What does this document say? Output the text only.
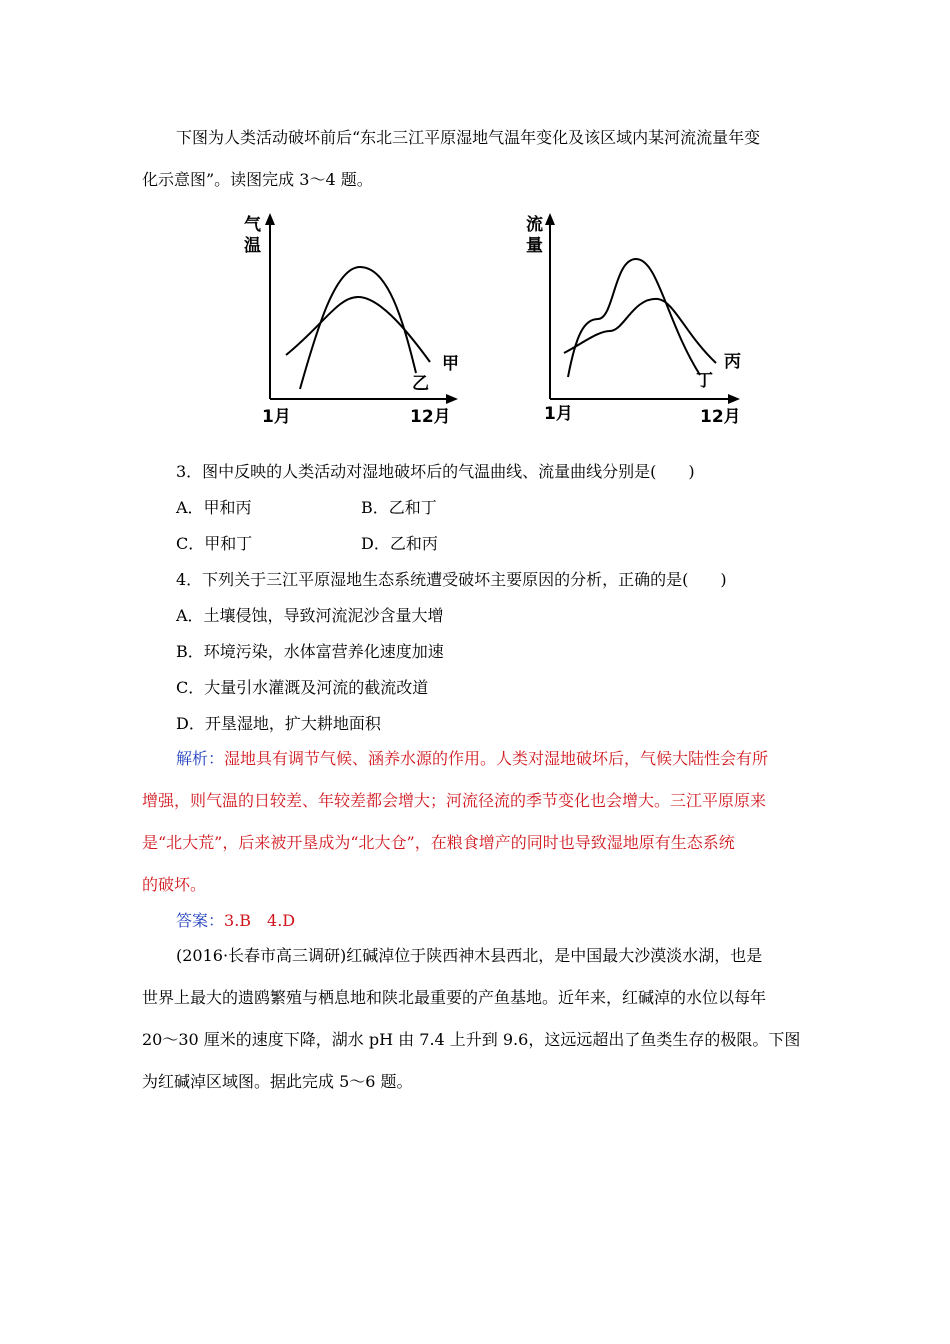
下图为人类活动破坏前后“东北三江平原湿地气温年变化及该区域内某河流流量年变
化示意图”。读图完成 3～4 题。
气
温
1月	12月
甲
乙
流
量
1月	12月
丙
丁
3．图中反映的人类活动对湿地破坏后的气温曲线、流量曲线分别是(　　)
A．甲和丙	B．乙和丁
C．甲和丁	D．乙和丙
4．下列关于三江平原湿地生态系统遭受破坏主要原因的分析，正确的是(　　)
A．土壤侵蚀，导致河流泥沙含量大增
B．环境污染，水体富营养化速度加速
C．大量引水灌溉及河流的截流改道
D．开垦湿地，扩大耕地面积
解析：湿地具有调节气候、涵养水源的作用。人类对湿地破坏后，气候大陆性会有所
增强，则气温的日较差、年较差都会增大；河流径流的季节变化也会增大。三江平原原来
是“北大荒”，后来被开垦成为“北大仓”，在粮食增产的同时也导致湿地原有生态系统
的破坏。
答案：3.B　4.D
(2016·长春市高三调研)红碱淖位于陕西神木县西北，是中国最大沙漠淡水湖，也是
世界上最大的遗鸥繁殖与栖息地和陕北最重要的产鱼基地。近年来，红碱淖的水位以每年
20～30 厘米的速度下降，湖水 pH 由 7.4 上升到 9.6，这远远超出了鱼类生存的极限。下图
为红碱淖区域图。据此完成 5～6 题。
